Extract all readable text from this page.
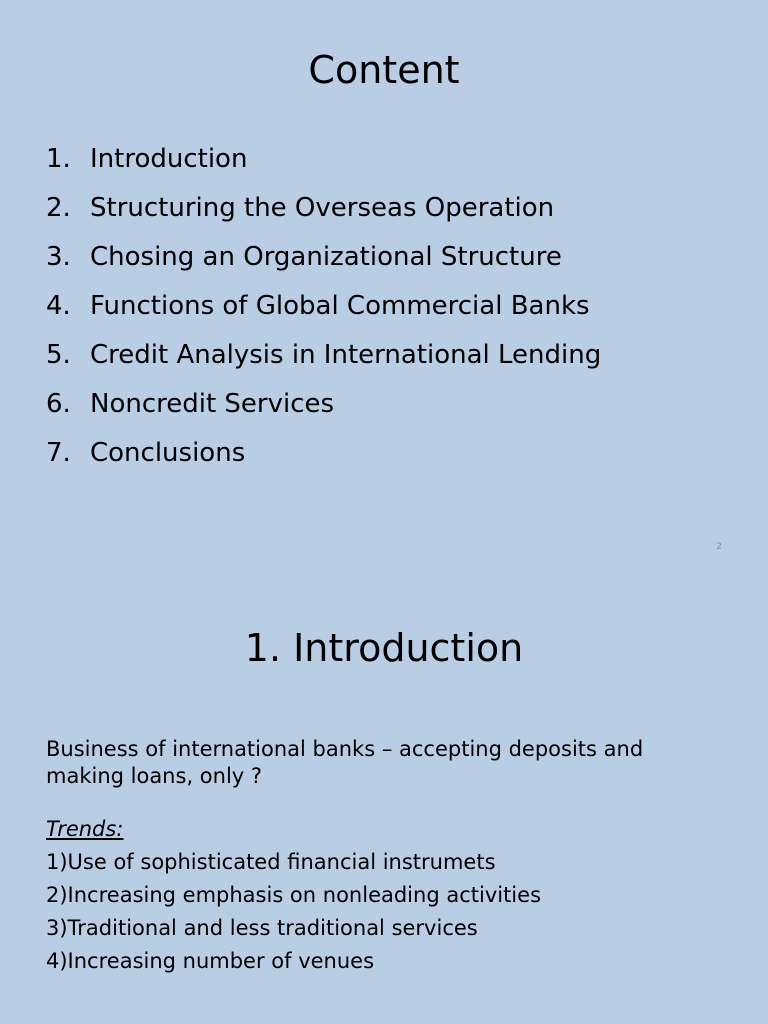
Content
1. Introduction
2. Structuring the Overseas Operation
3. Chosing an Organizational Structure
4. Functions of Global Commercial Banks
5. Credit Analysis in International Lending
6. Noncredit Services
7. Conclusions
2
1. Introduction

Business of international banks – accepting deposits and making loans, only ?

Trends:

1)Use of sophisticated financial instrumets
2)Increasing emphasis on nonleading activities
3)Traditional and less traditional services
4)Increasing number of venues
